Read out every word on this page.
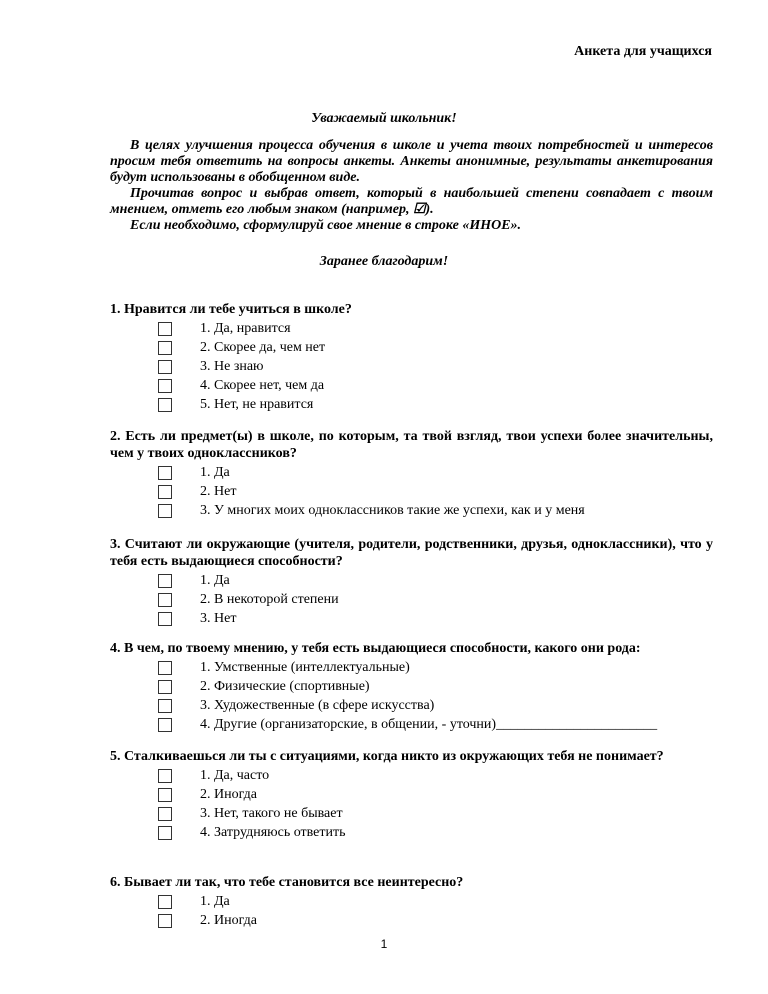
Анкета для учащихся
Уважаемый школьник!

В целях улучшения процесса обучения в школе и учета твоих потребностей и интересов просим тебя ответить на вопросы анкеты. Анкеты анонимные, результаты анкетирования будут использованы в обобщенном виде.

Прочитав вопрос и выбрав ответ, который в наибольшей степени совпадает с твоим мнением, отметь его любым знаком (например, ☑).

Если необходимо, сформулируй свое мнение в строке «ИНОЕ».

Заранее благодарим!

1. Нравится ли тебе учиться в школе?

1. Да, нравится
2. Скорее да, чем нет
3. Не знаю
4. Скорее нет, чем да
5. Нет, не нравится

2. Есть ли предмет(ы) в школе, по которым, та твой взгляд, твои успехи более значительны, чем у твоих одноклассников?

1. Да
2. Нет
3. У многих моих одноклассников такие же успехи, как и у меня

3. Считают ли окружающие (учителя, родители, родственники, друзья, одноклассники), что у тебя есть выдающиеся способности?

1. Да
2. В некоторой степени
3. Нет

4. В чем, по твоему мнению, у тебя есть выдающиеся способности, какого они рода:

1. Умственные (интеллектуальные)
2. Физические (спортивные)
3. Художественные (в сфере искусства)
4. Другие (организаторские, в общении, - уточни)_______________________

5. Сталкиваешься ли ты с ситуациями, когда никто из окружающих тебя не понимает?

1. Да, часто
2. Иногда
3. Нет, такого не бывает
4. Затрудняюсь ответить

6. Бывает ли так, что тебе становится все неинтересно?

1. Да
2. Иногда
1
